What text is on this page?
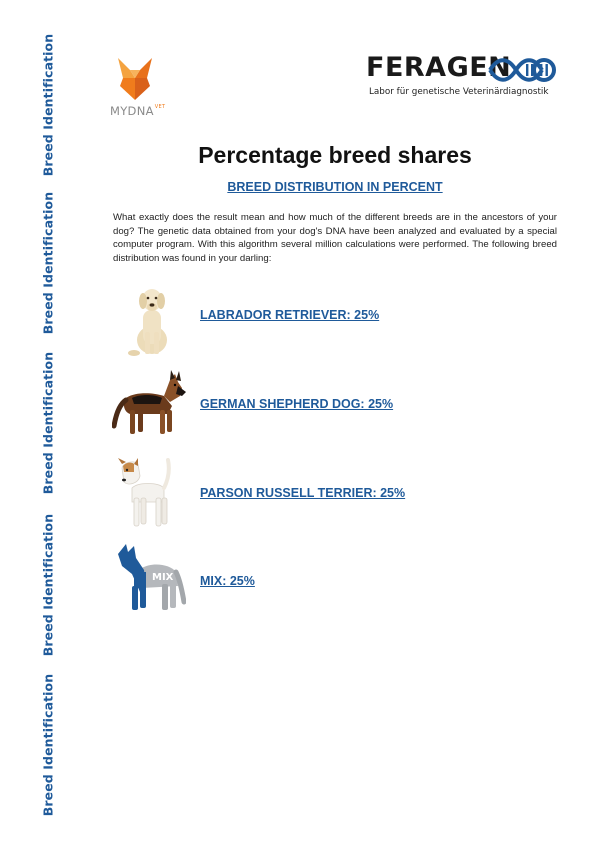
Breed Identification
Breed Identification
Breed Identification
Breed Identification
Breed Identification
$MYDNA^{VET}$
FERAGEN
Labor für genetische Veterinärdiagnostik
Percentage breed shares
BREED DISTRIBUTION IN PERCENT
What exactly does the result mean and how much of the different breeds are in the ancestors of your dog? The genetic data obtained from your dog's DNA have been analyzed and evaluated by a special computer program. With this algorithm several million calculations were performed. The following breed distribution was found in your darling:
LABRADOR RETRIEVER: 25%
GERMAN SHEPHERD DOG: 25%
PARSON RUSSELL TERRIER: 25%
MIX MIX: 25%
